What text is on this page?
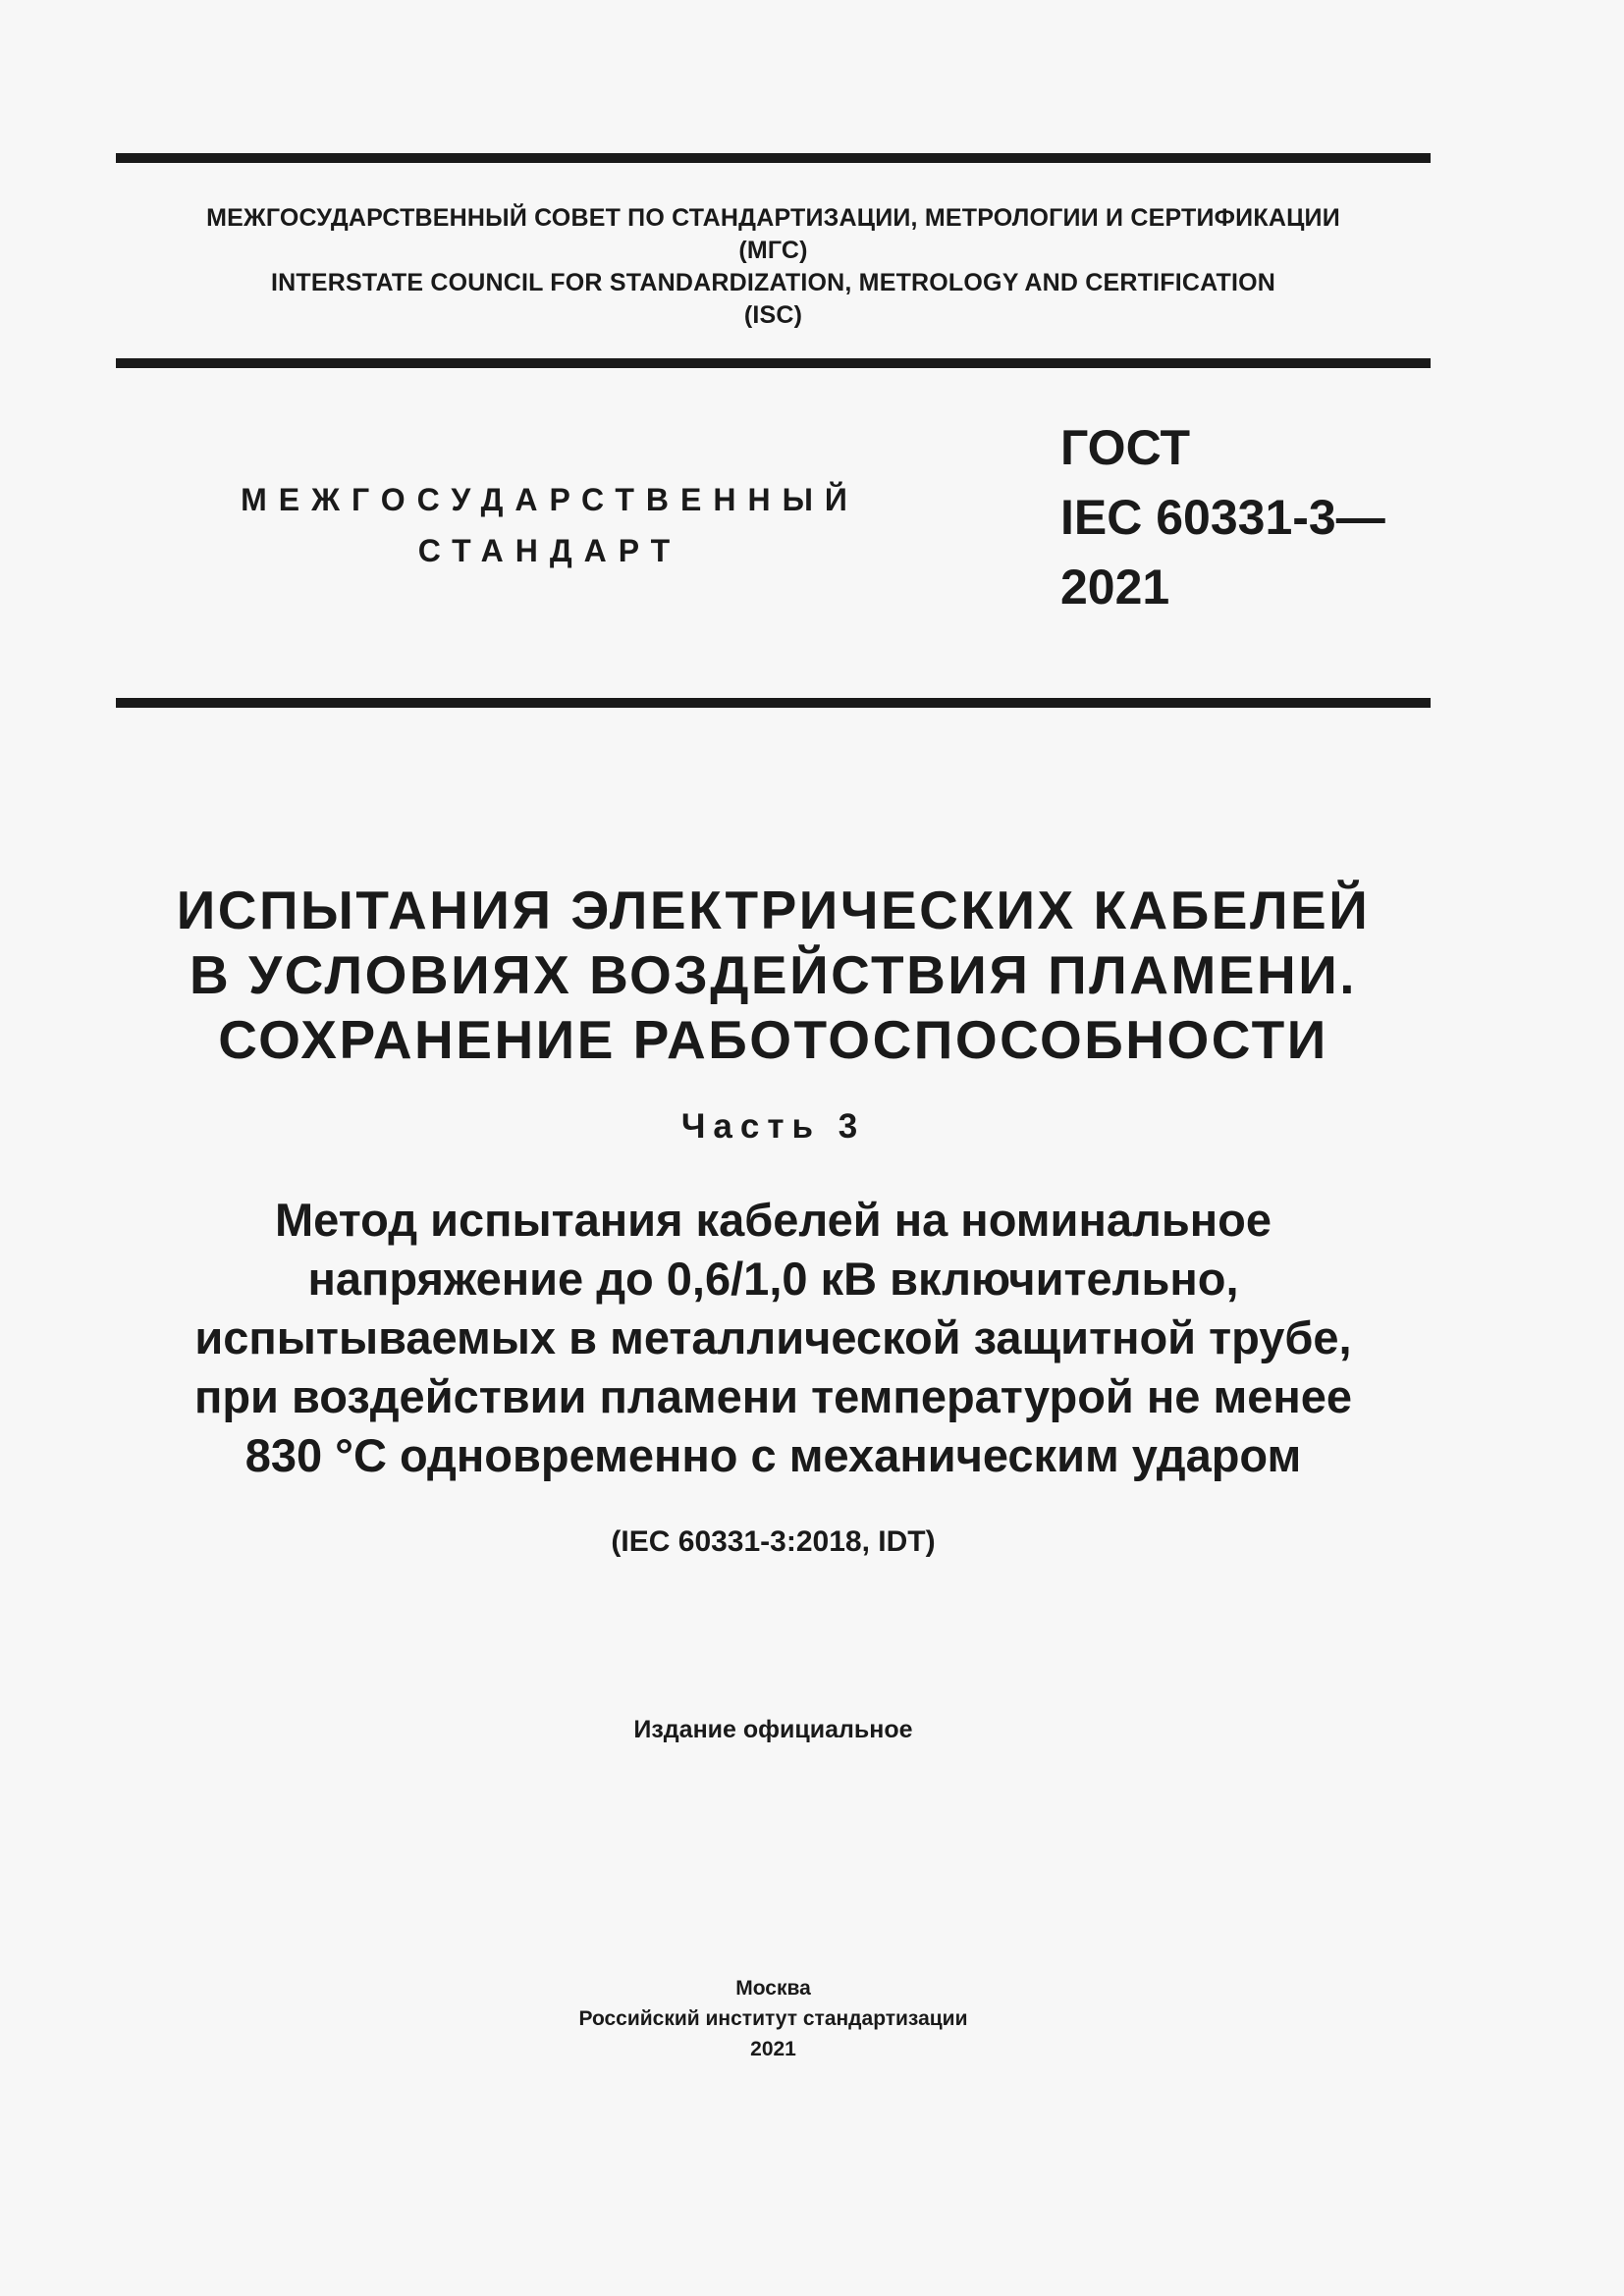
МЕЖГОСУДАРСТВЕННЫЙ СОВЕТ ПО СТАНДАРТИЗАЦИИ, МЕТРОЛОГИИ И СЕРТИФИКАЦИИ
(МГС)
INTERSTATE COUNCIL FOR STANDARDIZATION, METROLOGY AND CERTIFICATION
(ISC)
МЕЖГОСУДАРСТВЕННЫЙ
СТАНДАРТ
ГОСТ
IEC 60331-3—
2021
ИСПЫТАНИЯ ЭЛЕКТРИЧЕСКИХ КАБЕЛЕЙ
В УСЛОВИЯХ ВОЗДЕЙСТВИЯ ПЛАМЕНИ.
СОХРАНЕНИЕ РАБОТОСПОСОБНОСТИ
Часть 3
Метод испытания кабелей на номинальное
напряжение до 0,6/1,0 кВ включительно,
испытываемых в металлической защитной трубе,
при воздействии пламени температурой не менее
830 °С одновременно с механическим ударом
(IEC 60331-3:2018, IDT)
Издание официальное
Москва
Российский институт стандартизации
2021
